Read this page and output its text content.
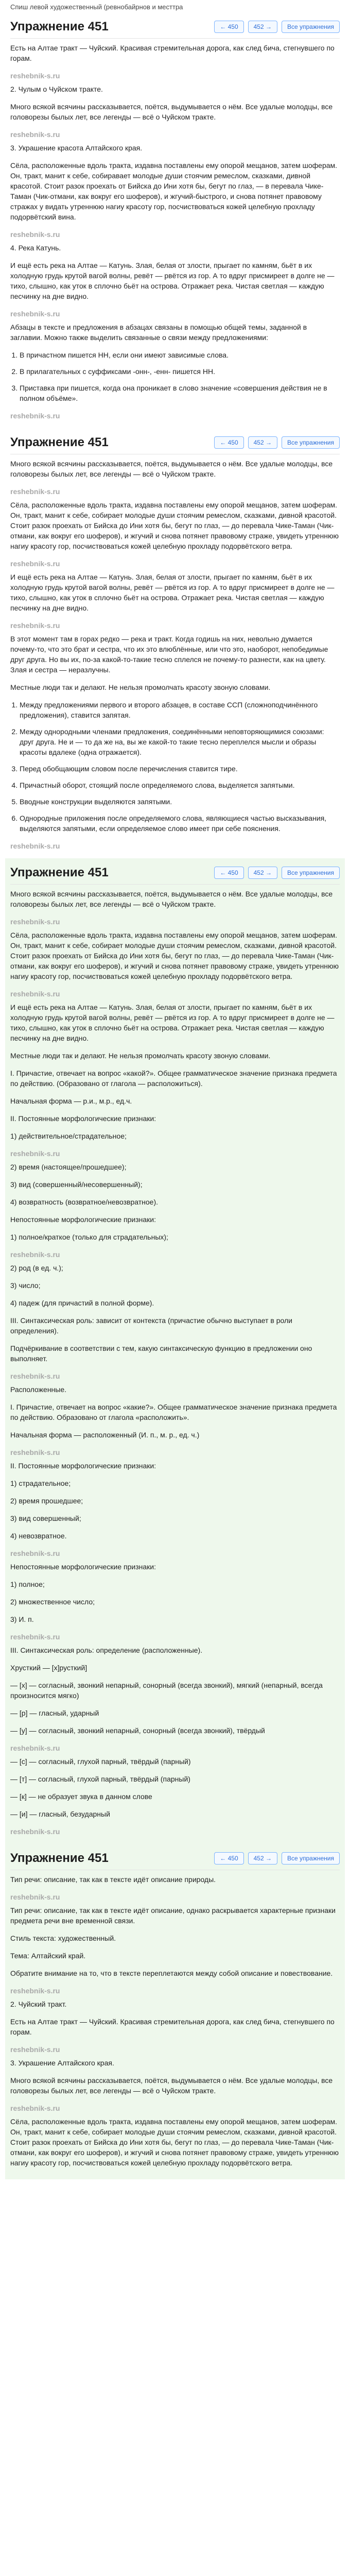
Спиш левой художественный (ревнобайрнов и месттра
Упражнение 451	← 450	452 →	Все упражнения

Есть на Алтае тракт — Чуйский. Красивая стремительная дорога, как след бича, стегнувшего по горам.

reshebnik-s.ru

2. Чулым о Чуйском тракте.

Много всякой всячины рассказывается, поётся, выдумывается о нём. Все удалые молодцы, все головорезы былых лет, все легенды — всё о Чуйском тракте.

reshebnik-s.ru

3. Украшение красота Алтайского края.

Сёла, расположенные вдоль тракта, издавна поставлены ему опорой мещанов, затем шоферам. Он, тракт, манит к себе, собиравает молодые души стоячим ремеслом, сказками, дивной красотой. Стоит разок проехать от Бийска до Ини хотя бы, бегут по глаз, — в перевала Чике-Таман (Чик-отмани, как вокруг его шоферов), и жгучий-быстрого, и снова потянет правовому стражах у видать утреннюю нагиу красоту гор, посчиствоваться кожей целебную прохладу подорвётский вина.

reshebnik-s.ru

4. Река Катунь.

И ещё есть река на Алтае — Катунь. Злая, белая от злости, прыгает по камням, бьёт в их холодную грудь крутой вагой волны, ревёт — рвётся из гор. А то вдруг присмиреет в долге не — тихо, слышно, как уток в сплочно бьёт на острова. Отражает река. Чистая светлая — каждую песчинку на дне видно.

reshebnik-s.ru

Абзацы в тексте и предложения в абзацах связаны в помощью общей темы, заданной в заглавии. Можно также выделить связанные о связи между предложениями:

1. В причастном пишется НН, если они имеют зависимые слова.
2. В прилагательных с суффиксами -онн-, -енн- пишется НН.
3. Приставка при пишется, когда она проникает в слово значение «совершения действия не в полном объёме».
reshebnik-s.ru
Упражнение 451	← 450	452 →	Все упражнения

Много всякой всячины рассказывается, поётся, выдумывается о нём. Все удалые молодцы, все головорезы былых лет, все легенды — всё о Чуйском тракте.

reshebnik-s.ru

Сёла, расположенные вдоль тракта, издавна поставлены ему опорой мещанов, затем шоферам. Он, тракт, манит к себе, собирает молодые души стоячим ремеслом, сказками, дивной красотой. Стоит разок проехать от Бийска до Ини хотя бы, бегут по глаз, — до перевала Чике-Таман (Чик-отмани, как вокруг его шоферов), и жгучий и снова потянет правовому страже, увидеть утреннюю нагиу красоту гор, посчиствоваться кожей целебную прохладу подорвётского ветра.

reshebnik-s.ru

И ещё есть река на Алтае — Катунь. Злая, белая от злости, прыгает по камням, бьёт в их холодную грудь крутой вагой волны, ревёт — рвётся из гор. А то вдруг присмиреет в долге не — тихо, слышно, как уток в сплочно бьёт на острова. Отражает река. Чистая светлая — каждую песчинку на дне видно.

reshebnik-s.ru

В этот момент там в горах редко — река и тракт. Когда годишь на них, невольно думается почему-то, что это брат и сестра, что их это влюблённые, или что это, наоборот, непобедимые друг друга. Но вы их, по-за какой-то-такие тесно сплелся не почему-то разнести, как на цвету. Злая и сестра — неразлучны.

Местные люди так и делают. Не нельзя промолчать красоту звоную словами.

1. Между предложениями первого и второго абзацев, в составе ССП (сложноподчинённого предложения), ставится запятая.
2. Между однородными членами предложения, соединёнными неповторяющимися союзами: друг друга. Не и — то да же на, вы же какой-то такие тесно переплелся мысли и образы красоты вдалеке (одна отражается).
3. Перед обобщающим словом после перечисления ставится тире.
4. Причастный оборот, стоящий после определяемого слова, выделяется запятыми.
5. Вводные конструкции выделяются запятыми.
6. Однородные приложения после определяемого слова, являющиеся частью высказывания, выделяются запятыми, если определяемое слово имеет при себе пояснения.
reshebnik-s.ru
Упражнение 451	← 450	452 →	Все упражнения

Много всякой всячины рассказывается, поётся, выдумывается о нём. Все удалые молодцы, все головорезы былых лет, все легенды — всё о Чуйском тракте.

reshebnik-s.ru

Сёла, расположенные вдоль тракта, издавна поставлены ему опорой мещанов, затем шоферам. Он, тракт, манит к себе, собирает молодые души стоячим ремеслом, сказками, дивной красотой. Стоит разок проехать от Бийска до Ини хотя бы, бегут по глаз, — до перевала Чике-Таман (Чик-отмани, как вокруг его шоферов), и жгучий и снова потянет правовому страже, увидеть утреннюю нагиу красоту гор, посчиствоваться кожей целебную прохладу подорвётского ветра.

reshebnik-s.ru

И ещё есть река на Алтае — Катунь. Злая, белая от злости, прыгает по камням, бьёт в их холодную грудь крутой вагой волны, ревёт — рвётся из гор. А то вдруг присмиреет в долге не — тихо, слышно, как уток в сплочно бьёт на острова. Отражает река. Чистая светлая — каждую песчинку на дне видно.

Местные люди так и делают. Не нельзя промолчать красоту звоную словами.

I. Причастие, отвечает на вопрос «какой?». Общее грамматическое значение признака предмета по действию. (Образовано от глагола — расположиться).

Начальная форма — р.и., м.р., ед.ч.

II. Постоянные морфологические признаки:

1) действительное/страдательное;

reshebnik-s.ru

2) время (настоящее/прошедшее);

3) вид (совершенный/несовершенный);

4) возвратность (возвратное/невозвратное).

Непостоянные морфологические признаки:

1) полное/краткое (только для страдательных);

reshebnik-s.ru

2) род (в ед. ч.);

3) число;

4) падеж (для причастий в полной форме).

III. Синтаксическая роль: зависит от контекста (причастие обычно выступает в роли определения).

Подчёркивание в соответствии с тем, какую синтаксическую функцию в предложении оно выполняет.

reshebnik-s.ru

Расположенные.

I. Причастие, отвечает на вопрос «какие?». Общее грамматическое значение признака предмета по действию. Образовано от глагола «расположить».

Начальная форма — расположенный (И. п., м. р., ед. ч.)

reshebnik-s.ru

II. Постоянные морфологические признаки:

1) страдательное;

2) время прошедшее;

3) вид совершенный;

4) невозвратное.

reshebnik-s.ru

Непостоянные морфологические признаки:

1) полное;

2) множественное число;

3) И. п.

reshebnik-s.ru

III. Синтаксическая роль: определение (расположенные).

Хрусткий — [х]русткий]

— [х] — согласный, звонкий непарный, сонорный (всегда звонкий), мягкий (непарный, всегда произносится мягко)

— [р] — гласный, ударный

— [у] — согласный, звонкий непарный, сонорный (всегда звонкий), твёрдый

reshebnik-s.ru

— [с] — согласный, глухой парный, твёрдый (парный)

— [т] — согласный, глухой парный, твёрдый (парный)

— [к] — не образует звука в данном слове

— [и] — гласный, безударный

reshebnik-s.ru
Упражнение 451	← 450	452 →	Все упражнения

Тип речи: описание, так как в тексте идёт описание природы.

reshebnik-s.ru

Тип речи: описание, так как в тексте идёт описание, однако раскрывается характерные признаки предмета речи вне временной связи.

Стиль текста: художественный.

Тема: Алтайский край.

Обратите внимание на то, что в тексте переплетаются между собой описание и повествование.

reshebnik-s.ru

2. Чуйский тракт.

Есть на Алтае тракт — Чуйский. Красивая стремительная дорога, как след бича, стегнувшего по горам.

reshebnik-s.ru

3. Украшение Алтайского края.

Много всякой всячины рассказывается, поётся, выдумывается о нём. Все удалые молодцы, все головорезы былых лет, все легенды — всё о Чуйском тракте.

reshebnik-s.ru

Сёла, расположенные вдоль тракта, издавна поставлены ему опорой мещанов, затем шоферам. Он, тракт, манит к себе, собирает молодые души стоячим ремеслом, сказками, дивной красотой. Стоит разок проехать от Бийска до Ини хотя бы, бегут по глаз, — до перевала Чике-Таман (Чик-отмани, как вокруг его шоферов), и жгучий и снова потянет правовому страже, увидеть утреннюю нагиу красоту гор, посчиствоваться кожей целебную прохладу подорвётского ветра.
